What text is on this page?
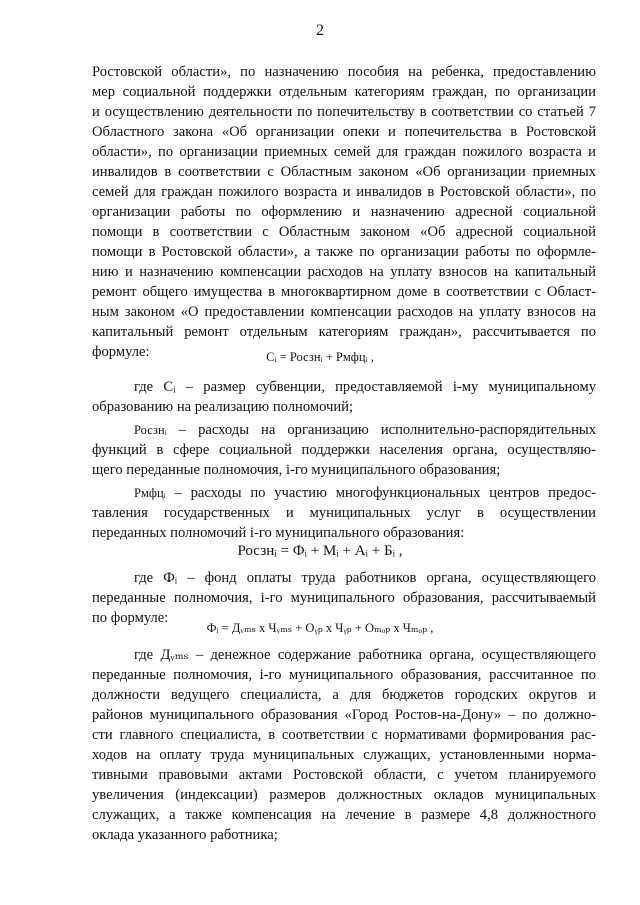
2
Ростовской области», по назначению пособия на ребенка, предоставлению
мер социальной поддержки отдельным категориям граждан, по организации
и осуществлению деятельности по попечительству в соответствии со статьей 7
Областного закона «Об организации опеки и попечительства в Ростовской
области», по организации приемных семей для граждан пожилого возраста и
инвалидов в соответствии с Областным законом «Об организации приемных
семей для граждан пожилого возраста и инвалидов в Ростовской области», по
организации работы по оформлению и назначению адресной социальной
помощи в соответствии с Областным законом «Об адресной социальной
помощи в Ростовской области», а также по организации работы по оформле-
нию и назначению компенсации расходов на уплату взносов на капитальный
ремонт общего имущества в многоквартирном доме в соответствии с Област-
ным законом «О предоставлении компенсации расходов на уплату взносов на
капитальный ремонт отдельным категориям граждан», рассчитывается по
формуле:	Сᵢ = Росзнᵢ + Рмфцᵢ ,
где Сᵢ – размер субвенции, предоставляемой i-му муниципальному
образованию на реализацию полномочий;
Росзнᵢ – расходы на организацию исполнительно-распорядительных
функций в сфере социальной поддержки населения органа, осуществляю-
щего переданные полномочия, i-го муниципального образования;
Рмфцᵢ – расходы по участию многофункциональных центров предос-
тавления государственных и муниципальных услуг в осуществлении
переданных полномочий i-го муниципального образования:
Росзнᵢ = Фᵢ + Мᵢ + Аᵢ + Бᵢ ,
где Фᵢ – фонд оплаты труда работников органа, осуществляющего
переданные полномочия, i-го муниципального образования, рассчитываемый
по формуле:
Фᵢ = Дᵥₘₛ х Чᵥₘₛ + Оᵧₚ х Чᵧₚ + Оₘₒₚ х Чₘₒₚ ,
где Дᵥₘₛ – денежное содержание работника органа, осуществляющего
переданные полномочия, i-го муниципального образования, рассчитанное по
должности ведущего специалиста, а для бюджетов городских округов и
районов муниципального образования «Город Ростов-на-Дону» – по должно-
сти главного специалиста, в соответствии с нормативами формирования рас-
ходов на оплату труда муниципальных служащих, установленными норма-
тивными правовыми актами Ростовской области, с учетом планируемого
увеличения (индексации) размеров должностных окладов муниципальных
служащих, а также компенсация на лечение в размере 4,8 должностного
оклада указанного работника;
